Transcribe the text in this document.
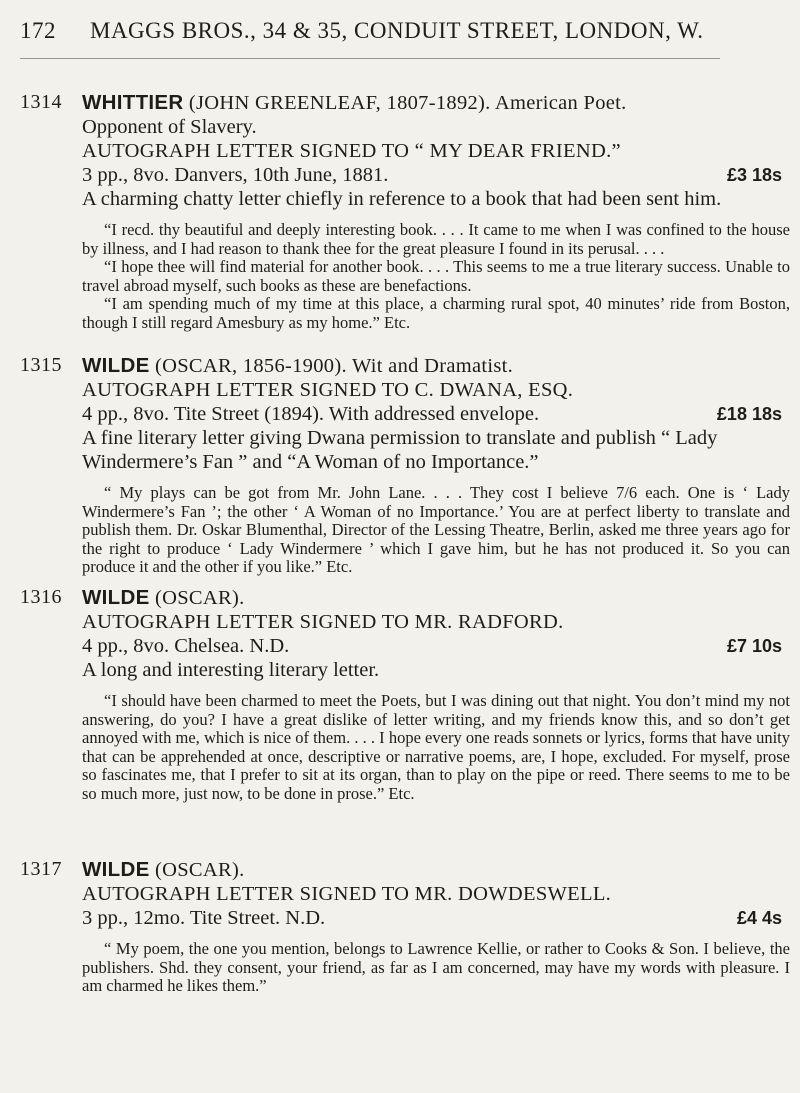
172 MAGGS BROS., 34 & 35, CONDUIT STREET, LONDON, W.
1314 WHITTIER (JOHN GREENLEAF, 1807-1892). American Poet.
Opponent of Slavery.
AUTOGRAPH LETTER SIGNED TO “ MY DEAR FRIEND.”
£3 18s
3 pp., 8vo. Danvers, 10th June, 1881.
A charming chatty letter chiefly in reference to a book that had been sent him.

“I recd. thy beautiful and deeply interesting book. . . . It came to me when I was confined to the house by illness, and I had reason to thank thee for the great pleasure I found in its perusal. . . .

“I hope thee will find material for another book. . . . This seems to me a true literary success. Unable to travel abroad myself, such books as these are benefactions.

“I am spending much of my time at this place, a charming rural spot, 40 minutes’ ride from Boston, though I still regard Amesbury as my home.” Etc.

1315 WILDE (OSCAR, 1856-1900). Wit and Dramatist.
AUTOGRAPH LETTER SIGNED TO C. DWANA, ESQ.
£18 18s
4 pp., 8vo. Tite Street (1894). With addressed envelope.
A fine literary letter giving Dwana permission to translate and publish “ Lady Windermere’s Fan ” and “A Woman of no Importance.”

“ My plays can be got from Mr. John Lane. . . . They cost I believe 7/6 each. One is ‘ Lady Windermere’s Fan ’; the other ‘ A Woman of no Importance.’ You are at perfect liberty to translate and publish them. Dr. Oskar Blumenthal, Director of the Lessing Theatre, Berlin, asked me three years ago for the right to produce ‘ Lady Windermere ’ which I gave him, but he has not produced it. So you can produce it and the other if you like.” Etc.

1316 WILDE (OSCAR).
AUTOGRAPH LETTER SIGNED TO MR. RADFORD.
£7 10s
4 pp., 8vo. Chelsea. N.D.
A long and interesting literary letter.

“I should have been charmed to meet the Poets, but I was dining out that night. You don’t mind my not answering, do you? I have a great dislike of letter writing, and my friends know this, and so don’t get annoyed with me, which is nice of them. . . . I hope every one reads sonnets or lyrics, forms that have unity that can be apprehended at once, descriptive or narrative poems, are, I hope, excluded. For myself, prose so fascinates me, that I prefer to sit at its organ, than to play on the pipe or reed. There seems to me to be so much more, just now, to be done in prose.” Etc.

1317 WILDE (OSCAR).
AUTOGRAPH LETTER SIGNED TO MR. DOWDESWELL.
£4 4s
3 pp., 12mo. Tite Street. N.D.

“ My poem, the one you mention, belongs to Lawrence Kellie, or rather to Cooks & Son. I believe, the publishers. Shd. they consent, your friend, as far as I am concerned, may have my words with pleasure. I am charmed he likes them.”
